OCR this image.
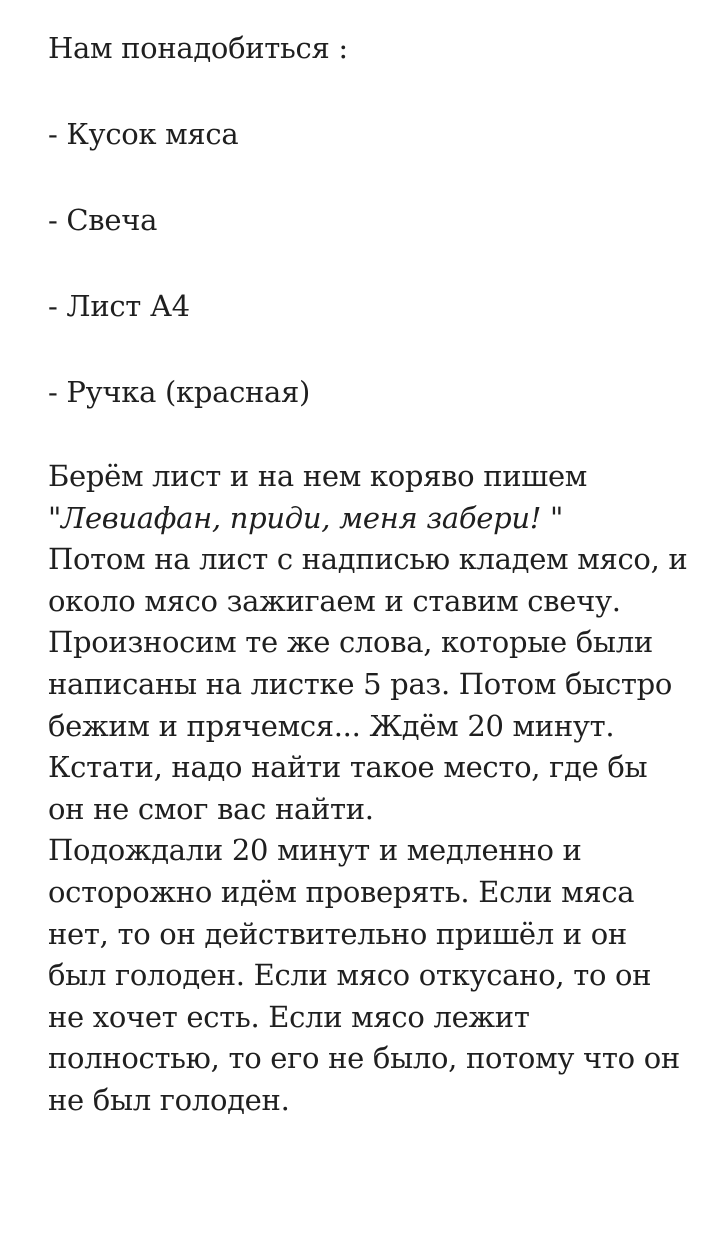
Нам понадобиться :

- Кусок мяса
- Свеча
- Лист А4
- Ручка (красная)

Берём лист и на нем коряво пишем
"Левиафан, приди, меня забери! "
Потом на лист с надписью кладем мясо, и около мясо зажигаем и ставим свечу. Произносим те же слова, которые были написаны на листке 5 раз. Потом быстро бежим и прячемся... Ждём 20 минут. Кстати, надо найти такое место, где бы он не смог вас найти.

Подождали 20 минут и медленно и осторожно идём проверять. Если мяса нет, то он действительно пришёл и он был голоден. Если мясо откусано, то он не хочет есть. Если мясо лежит полностью, то его не было, потому что он не был голоден.
